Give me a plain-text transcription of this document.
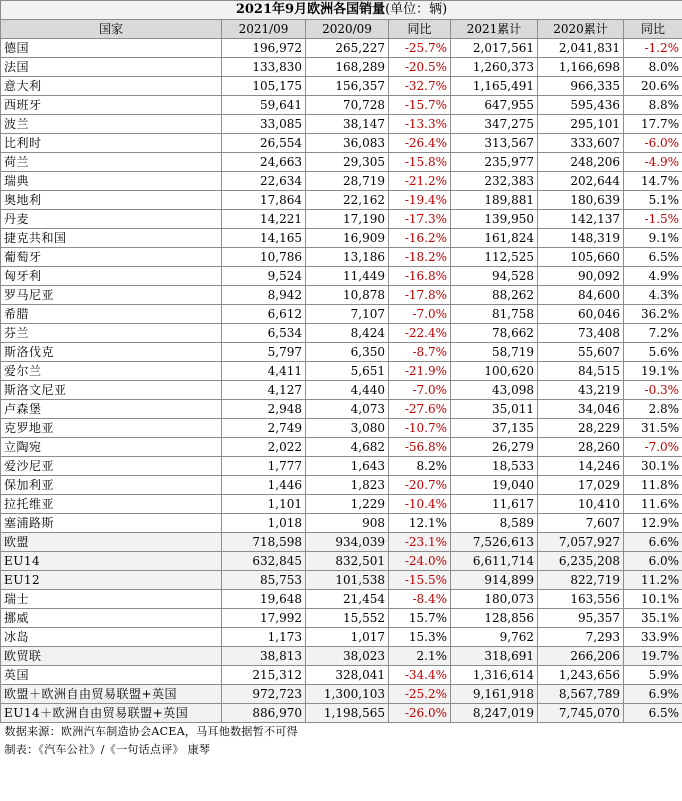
2021年9月欧洲各国销量(单位：辆)						
国家	2021/09	2020/09	同比	2021累计	2020累计	同比
德国	196,972	265,227	-25.7%	2,017,561	2,041,831	-1.2%
法国	133,830	168,289	-20.5%	1,260,373	1,166,698	8.0%
意大利	105,175	156,357	-32.7%	1,165,491	966,335	20.6%
西班牙	59,641	70,728	-15.7%	647,955	595,436	8.8%
波兰	33,085	38,147	-13.3%	347,275	295,101	17.7%
比利时	26,554	36,083	-26.4%	313,567	333,607	-6.0%
荷兰	24,663	29,305	-15.8%	235,977	248,206	-4.9%
瑞典	22,634	28,719	-21.2%	232,383	202,644	14.7%
奥地利	17,864	22,162	-19.4%	189,881	180,639	5.1%
丹麦	14,221	17,190	-17.3%	139,950	142,137	-1.5%
捷克共和国	14,165	16,909	-16.2%	161,824	148,319	9.1%
葡萄牙	10,786	13,186	-18.2%	112,525	105,660	6.5%
匈牙利	9,524	11,449	-16.8%	94,528	90,092	4.9%
罗马尼亚	8,942	10,878	-17.8%	88,262	84,600	4.3%
希腊	6,612	7,107	-7.0%	81,758	60,046	36.2%
芬兰	6,534	8,424	-22.4%	78,662	73,408	7.2%
斯洛伐克	5,797	6,350	-8.7%	58,719	55,607	5.6%
爱尔兰	4,411	5,651	-21.9%	100,620	84,515	19.1%
斯洛文尼亚	4,127	4,440	-7.0%	43,098	43,219	-0.3%
卢森堡	2,948	4,073	-27.6%	35,011	34,046	2.8%
克罗地亚	2,749	3,080	-10.7%	37,135	28,229	31.5%
立陶宛	2,022	4,682	-56.8%	26,279	28,260	-7.0%
爱沙尼亚	1,777	1,643	8.2%	18,533	14,246	30.1%
保加利亚	1,446	1,823	-20.7%	19,040	17,029	11.8%
拉托维亚	1,101	1,229	-10.4%	11,617	10,410	11.6%
塞浦路斯	1,018	908	12.1%	8,589	7,607	12.9%
欧盟	718,598	934,039	-23.1%	7,526,613	7,057,927	6.6%
EU14	632,845	832,501	-24.0%	6,611,714	6,235,208	6.0%
EU12	85,753	101,538	-15.5%	914,899	822,719	11.2%
瑞士	19,648	21,454	-8.4%	180,073	163,556	10.1%
挪威	17,992	15,552	15.7%	128,856	95,357	35.1%
冰岛	1,173	1,017	15.3%	9,762	7,293	33.9%
欧贸联	38,813	38,023	2.1%	318,691	266,206	19.7%
英国	215,312	328,041	-34.4%	1,316,614	1,243,656	5.9%
欧盟＋欧洲自由贸易联盟+英国	972,723	1,300,103	-25.2%	9,161,918	8,567,789	6.9%
EU14＋欧洲自由贸易联盟+英国	886,970	1,198,565	-26.0%	8,247,019	7,745,070	6.5%
数据来源：欧洲汽车制造协会ACEA，马耳他数据暂不可得						
制表：《汽车公社》/《一句话点评》 康琴						
